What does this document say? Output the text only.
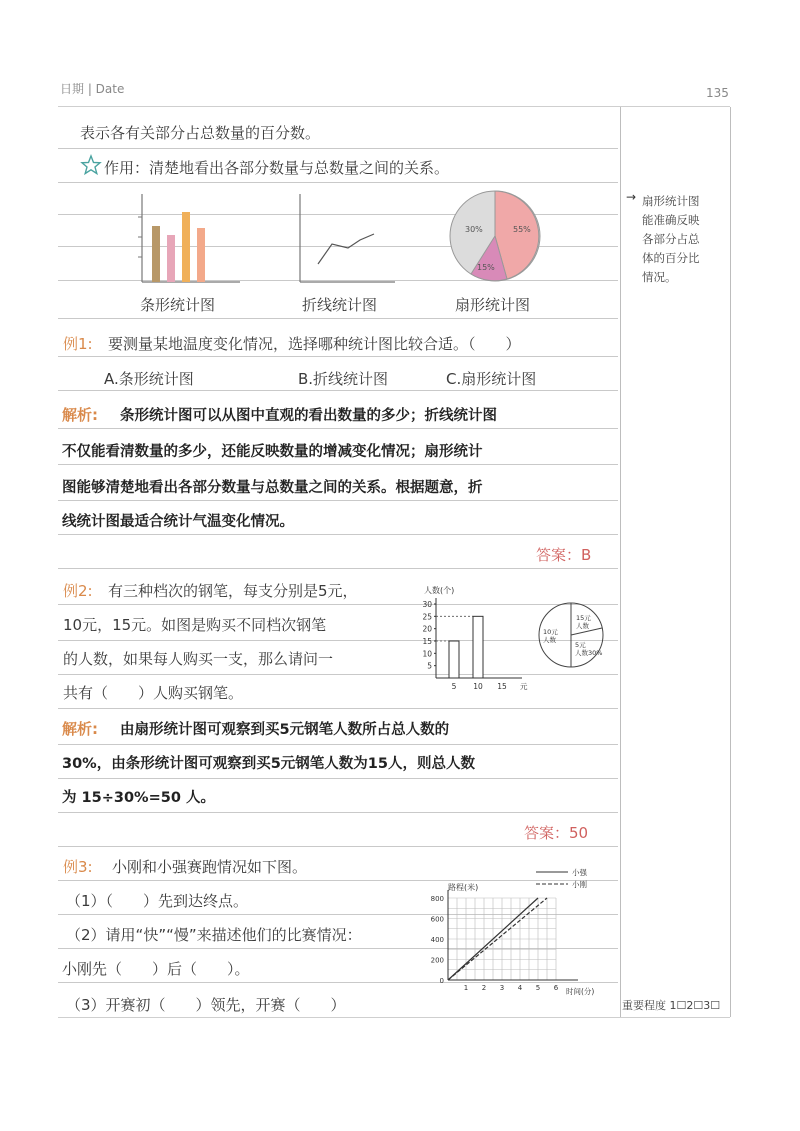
日期 | Date	135
表示各有关部分占总数量的百分数。
作用：清楚地看出各部分数量与总数量之间的关系。
30%	55%
15%
条形统计图	折线统计图	扇形统计图
→ 扇形统计图
能准确反映
各部分占总
体的百分比
情况。
例1: 要测量某地温度变化情况，选择哪种统计图比较合适。（　　）
A.条形统计图	B.折线统计图	C.扇形统计图
解析: 条形统计图可以从图中直观的看出数量的多少；折线统计图
不仅能看清数量的多少，还能反映数量的增减变化情况；扇形统计
图能够清楚地看出各部分数量与总数量之间的关系。根据题意，折
线统计图最适合统计气温变化情况。
答案：B
例2: 有三种档次的钢笔，每支分别是5元，
10元，15元。如图是购买不同档次钢笔
的人数，如果每人购买一支，那么请问一
共有（　　）人购买钢笔。
人数(个)
5
10
15
20
25
30
5 10 15 元
15元
人数
10元
人数
5元
人数30%
解析: 由扇形统计图可观察到买5元钢笔人数所占总人数的
30%，由条形统计图可观察到买5元钢笔人数为15人，则总人数
为 15÷30%=50 人。
答案：50
例3: 小刚和小强赛跑情况如下图。
（1）（　　）先到达终点。
（2）请用“快”“慢”来描述他们的比赛情况：
小刚先（　　）后（　　）。
（3）开赛初（　　）领先，开赛（　　）
路程(米)
时间(分)
0
200
400
600
800
1 2 3 4 5 6
小强
小刚
重要程度 1☐2☐3☐
